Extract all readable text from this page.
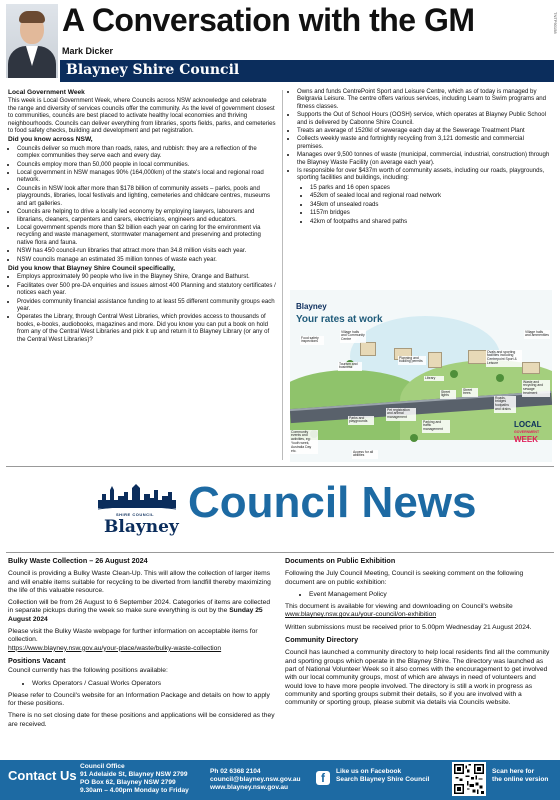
A Conversation with the GM
Mark Dicker
Blayney Shire Council
TNTP90158
Local Government Week

This week is Local Government Week, where Councils across NSW acknowledge and celebrate the range and diversity of services councils offer the community. As the level of government closest to communities, councils are best placed to activate healthy local economies and thriving neighbourhoods. Councils can deliver everything from libraries, sports fields, parks, and cemeteries to food safety checks, building and development and pet registration.

Did you know across NSW,
• Councils deliver so much more than roads, rates, and rubbish: they are a reflection of the complex communities they serve each and every day.
• Councils employ more than 50,000 people in local communities.
• Local government in NSW manages 90% (164,000km) of the state's local and regional road network.
• Councils in NSW look after more than $178 billion of community assets – parks, pools and playgrounds, libraries, local festivals and lighting, cemeteries and childcare centres, museums and art galleries.
• Councils are helping to drive a locally led economy by employing lawyers, labourers and librarians, cleaners, carpenters and carers, electricians, engineers and educators.
• Local government spends more than $2 billion each year on caring for the environment via recycling and waste management, stormwater management and preserving and protecting native flora and fauna.
• NSW has 450 council-run libraries that attract more than 34.8 million visits each year.
• NSW councils manage an estimated 35 million tonnes of waste each year.
Did you know that Blayney Shire Council specifically,
• Employs approximately 90 people who live in the Blayney Shire, Orange and Bathurst.
• Facilitates over 500 pre-DA enquiries and issues almost 400 Planning and statutory certificates / notices each year.
• Provides community financial assistance funding to at least 55 different community groups each year.
• Operates the Library, through Central West Libraries, which provides access to thousands of books, e-books, audiobooks, magazines and more. Did you know you can put a book on hold from any of the Central West Libraries and pick it up and return it to Blayney Library (or any of the Central West Libraries)?
• Owns and funds CentrePoint Sport and Leisure Centre, which as of today is managed by Belgravia Leisure. The centre offers various services, including Learn to Swim programs and fitness classes.
• Supports the Out of School Hours (OOSH) service, which operates at Blayney Public School and is delivered by Cabonne Shire Council.
• Treats an average of 1520kl of sewerage each day at the Sewerage Treatment Plant
• Collects weekly waste and fortnightly recycling from 3,121 domestic and commercial premises.
• Manages over 9,500 tonnes of waste (municipal, commercial, industrial, construction) through the Blayney Waste Facility (on average each year).
• Is responsible for over $437m worth of community assets, including our roads, playgrounds, sporting facilities and buildings, including:
• 15 parks and 16 open spaces
• 452km of sealed local and regional road network
• 345km of unsealed roads
• 1157m bridges
• 42km of footpaths and shared paths
Blayney
Your rates at work
Food safety inspections
Village halls and Community Centre
Tourism and business
Planning and building permits
Library
Ovals and sporting facilities including Centrepoint Sport & Leisure
Village halls and ammenities
Waste and recycling and sewage treatment
Street lights
Street trees
Roads, bridges footpaths and drains
Parks and playgrounds
Pet registration and animal management
Parking and traffic management
Community events and activities, eg: Youth week, Australia Day etc.	Access for all abilities
LOCAL
GOVERNMENT
WEEK
SHIRE COUNCIL
Blayney Council News
Bulky Waste Collection – 26 August 2024

Council is providing a Bulky Waste Clean-Up. This will allow the collection of larger items and will enable items suitable for recycling to be diverted from landfill thereby maximizing the life of this valuable resource.

Collection will be from 26 August to 6 September 2024. Categories of items are collected in separate pickups during the week so make sure everything is out by the Sunday 25 August 2024

Please visit the Bulky Waste webpage for further information on acceptable items for collection.
https://www.blayney.nsw.gov.au/your-place/waste/bulky-waste-collection

Positions Vacant

Council currently has the following positions available:

• Works Operators / Casual Works Operators

Please refer to Council's website for an Information Package and details on how to apply for these positions.

There is no set closing date for these positions and applications will be considered as they are received.

Documents on Public Exhibition

Following the July Council Meeting, Council is seeking comment on the following document are on public exhibition:

• Event Management Policy

This document is available for viewing and downloading on Council's website
www.blayney.nsw.gov.au/your-council/on-exhibition

Written submissions must be received prior to 5.00pm Wednesday 21 August 2024.

Community Directory

Council has launched a community directory to help local residents find all the community and sporting groups which operate in the Blayney Shire. The directory was launched as part of National Volunteer Week so it also comes with the encouragement to get involved with our local community groups, most of which are always in need of volunteers and would love to have more people involved. The directory is still a work in progress as community and sporting groups submit their details, so if you are involved with a community or sporting group, please submit via details via Councils website.

Contact Us
Council Office
91 Adelaide St, Blayney NSW 2799
PO Box 62, Blayney NSW 2799
9.30am – 4.00pm Monday to Friday
Ph 02 6368 2104
council@blayney.nsw.gov.au
www.blayney.nsw.gov.au
f	Like us on Facebook
Search Blayney Shire Council
Scan here for
the online version
